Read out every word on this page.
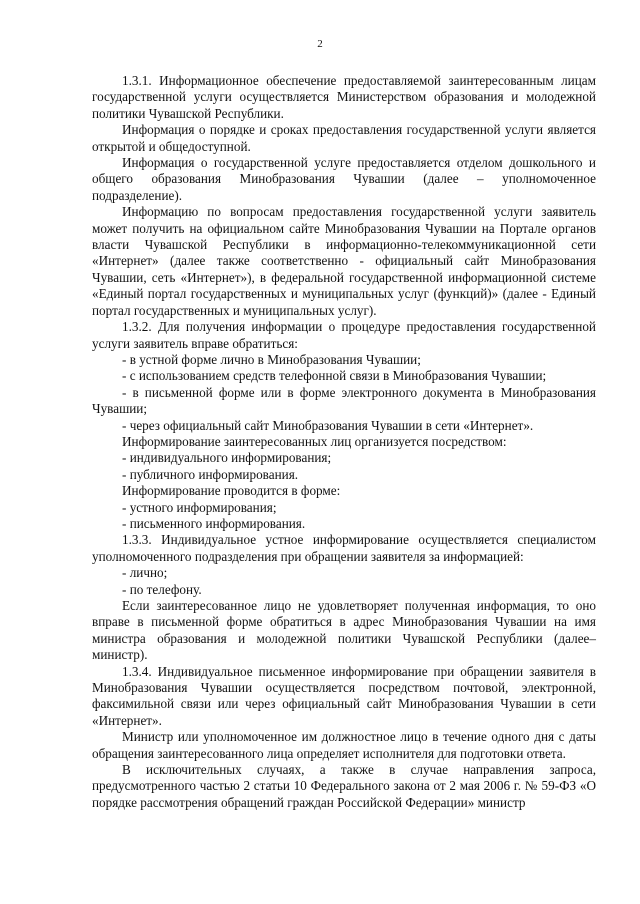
2

1.3.1. Информационное обеспечение предоставляемой заинтересованным лицам государственной услуги осуществляется Министерством образования и молодежной политики Чувашской Республики.

Информация о порядке и сроках предоставления государственной услуги является открытой и общедоступной.

Информация о государственной услуге предоставляется отделом дошкольного и общего образования Минобразования Чувашии (далее – уполномоченное подразделение).

Информацию по вопросам предоставления государственной услуги заявитель может получить на официальном сайте Минобразования Чувашии на Портале органов власти Чувашской Республики в информационно-телекоммуникационной сети «Интернет» (далее также соответственно - официальный сайт Минобразования Чувашии, сеть «Интернет»), в федеральной государственной информационной системе «Единый портал государственных и муниципальных услуг (функций)» (далее - Единый портал государственных и муниципальных услуг).

1.3.2. Для получения информации о процедуре предоставления государственной услуги заявитель вправе обратиться:

- в устной форме лично в Минобразования Чувашии;

- с использованием средств телефонной связи в Минобразования Чувашии;

- в письменной форме или в форме электронного документа в Минобразования Чувашии;

- через официальный сайт Минобразования Чувашии в сети «Интернет».

Информирование заинтересованных лиц организуется посредством:

- индивидуального информирования;

- публичного информирования.

Информирование проводится в форме:

- устного информирования;

- письменного информирования.

1.3.3. Индивидуальное устное информирование осуществляется специалистом уполномоченного подразделения при обращении заявителя за информацией:

- лично;

- по телефону.

Если заинтересованное лицо не удовлетворяет полученная информация, то оно вправе в письменной форме обратиться в адрес Минобразования Чувашии на имя министра образования и молодежной политики Чувашской Республики (далее– министр).

1.3.4. Индивидуальное письменное информирование при обращении заявителя в Минобразования Чувашии осуществляется посредством почтовой, электронной, факсимильной связи или через официальный сайт Минобразования Чувашии в сети «Интернет».

Министр или уполномоченное им должностное лицо в течение одного дня с даты обращения заинтересованного лица определяет исполнителя для подготовки ответа.

В исключительных случаях, а также в случае направления запроса, предусмотренного частью 2 статьи 10 Федерального закона от 2 мая 2006 г. № 59-ФЗ «О порядке рассмотрения обращений граждан Российской Федерации» министр
